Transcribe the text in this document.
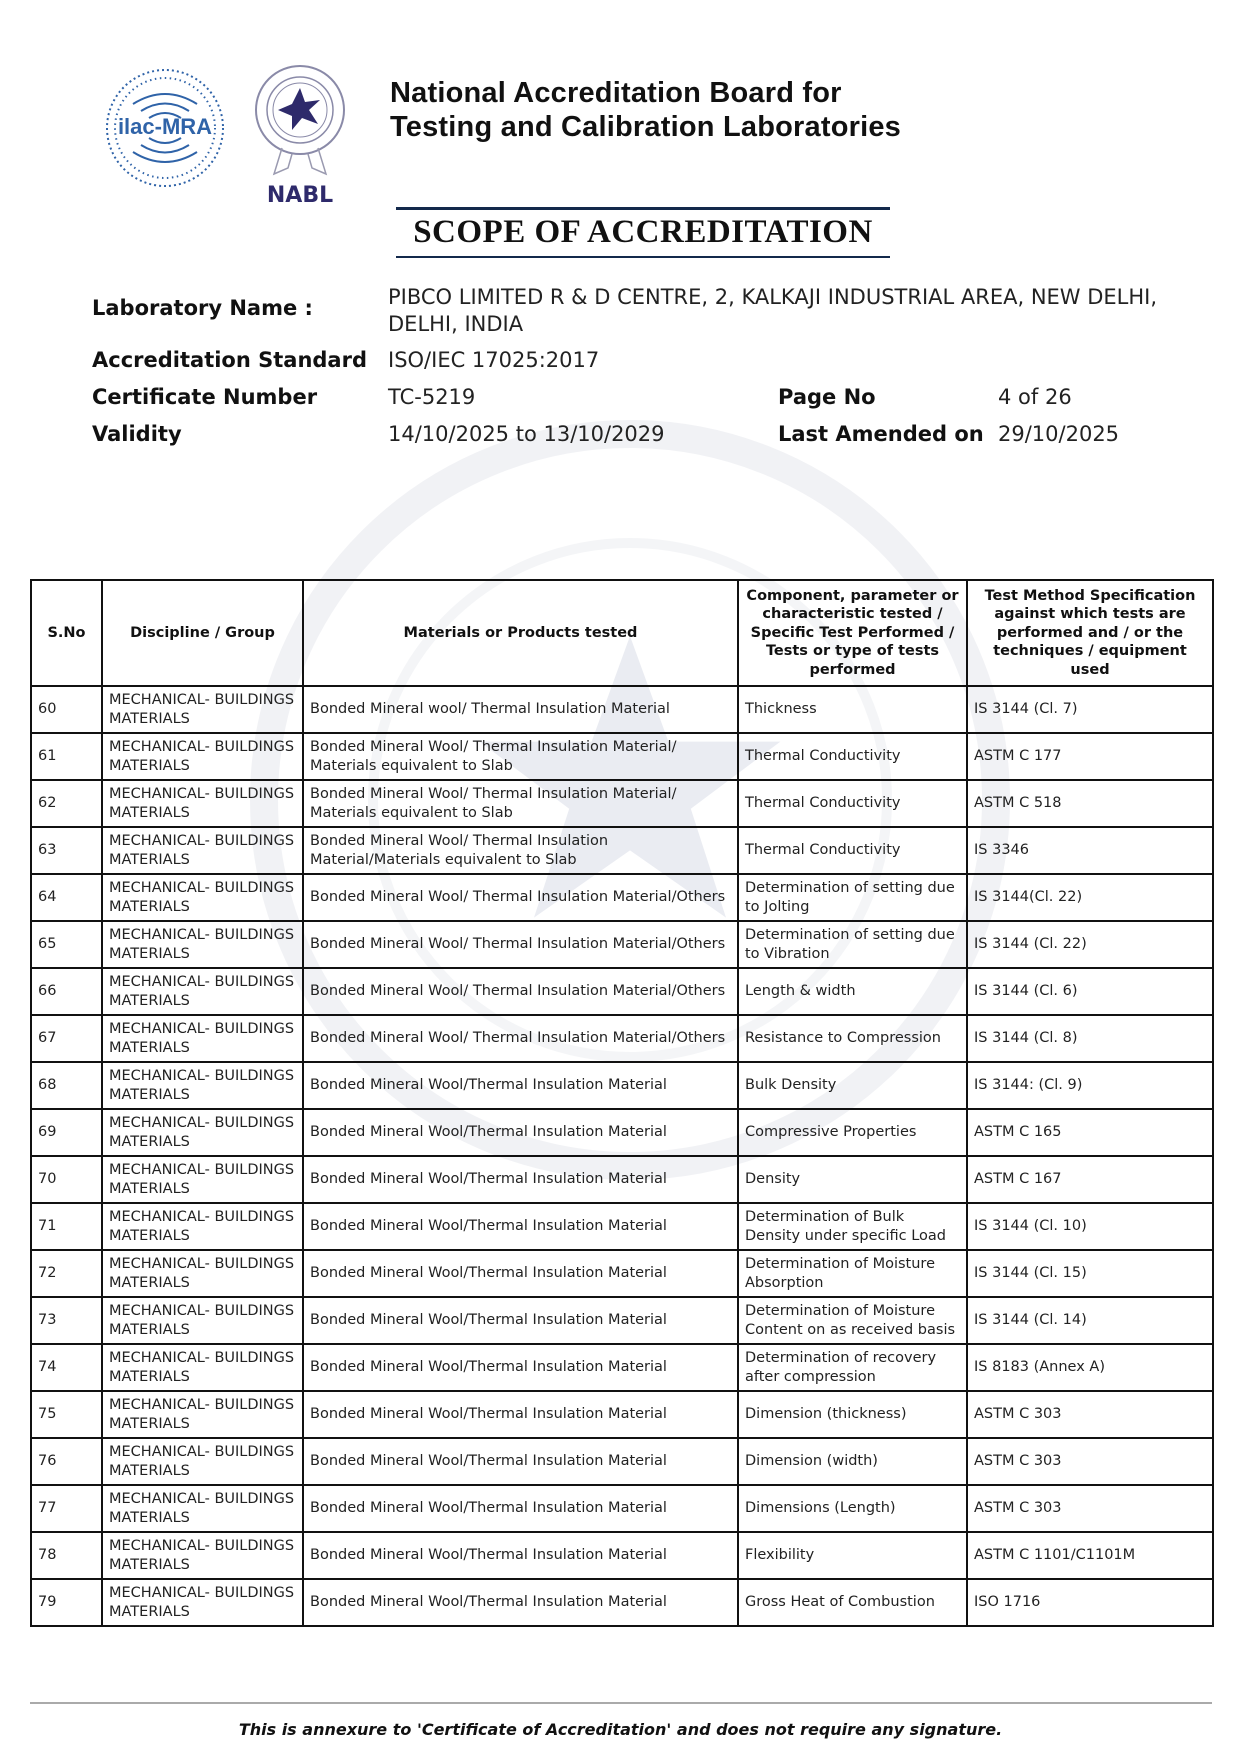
ilac-MRA
NABL
National Accreditation Board for
Testing and Calibration Laboratories
SCOPE OF ACCREDITATION
Laboratory Name :	PIBCO LIMITED R & D CENTRE, 2, KALKAJI INDUSTRIAL AREA, NEW DELHI,
DELHI, INDIA
Accreditation Standard ISO/IEC 17025:2017
Certificate Number	TC-5219	Page No	4 of 26
Validity	14/10/2025 to 13/10/2029	Last Amended on 29/10/2025
S.No	Discipline / Group	Materials or Products tested	Component, parameter or characteristic tested / Specific Test Performed / Tests or type of tests performed	Test Method Specification against which tests are performed and / or the techniques / equipment used
60	MECHANICAL- BUILDINGS MATERIALS	Bonded Mineral wool/ Thermal Insulation Material	Thickness	IS 3144 (Cl. 7)
61	MECHANICAL- BUILDINGS MATERIALS	Bonded Mineral Wool/ Thermal Insulation Material/ Materials equivalent to Slab	Thermal Conductivity	ASTM C 177
62	MECHANICAL- BUILDINGS MATERIALS	Bonded Mineral Wool/ Thermal Insulation Material/ Materials equivalent to Slab	Thermal Conductivity	ASTM C 518
63	MECHANICAL- BUILDINGS MATERIALS	Bonded Mineral Wool/ Thermal Insulation Material/Materials equivalent to Slab	Thermal Conductivity	IS 3346
64	MECHANICAL- BUILDINGS MATERIALS	Bonded Mineral Wool/ Thermal Insulation Material/Others	Determination of setting due to Jolting	IS 3144(Cl. 22)
65	MECHANICAL- BUILDINGS MATERIALS	Bonded Mineral Wool/ Thermal Insulation Material/Others	Determination of setting due to Vibration	IS 3144 (Cl. 22)
66	MECHANICAL- BUILDINGS MATERIALS	Bonded Mineral Wool/ Thermal Insulation Material/Others	Length & width	IS 3144 (Cl. 6)
67	MECHANICAL- BUILDINGS MATERIALS	Bonded Mineral Wool/ Thermal Insulation Material/Others	Resistance to Compression	IS 3144 (Cl. 8)
68	MECHANICAL- BUILDINGS MATERIALS	Bonded Mineral Wool/Thermal Insulation Material	Bulk Density	IS 3144: (Cl. 9)
69	MECHANICAL- BUILDINGS MATERIALS	Bonded Mineral Wool/Thermal Insulation Material	Compressive Properties	ASTM C 165
70	MECHANICAL- BUILDINGS MATERIALS	Bonded Mineral Wool/Thermal Insulation Material	Density	ASTM C 167
71	MECHANICAL- BUILDINGS MATERIALS	Bonded Mineral Wool/Thermal Insulation Material	Determination of Bulk Density under specific Load	IS 3144 (Cl. 10)
72	MECHANICAL- BUILDINGS MATERIALS	Bonded Mineral Wool/Thermal Insulation Material	Determination of Moisture Absorption	IS 3144 (Cl. 15)
73	MECHANICAL- BUILDINGS MATERIALS	Bonded Mineral Wool/Thermal Insulation Material	Determination of Moisture Content on as received basis	IS 3144 (Cl. 14)
74	MECHANICAL- BUILDINGS MATERIALS	Bonded Mineral Wool/Thermal Insulation Material	Determination of recovery after compression	IS 8183 (Annex A)
75	MECHANICAL- BUILDINGS MATERIALS	Bonded Mineral Wool/Thermal Insulation Material	Dimension (thickness)	ASTM C 303
76	MECHANICAL- BUILDINGS MATERIALS	Bonded Mineral Wool/Thermal Insulation Material	Dimension (width)	ASTM C 303
77	MECHANICAL- BUILDINGS MATERIALS	Bonded Mineral Wool/Thermal Insulation Material	Dimensions (Length)	ASTM C 303
78	MECHANICAL- BUILDINGS MATERIALS	Bonded Mineral Wool/Thermal Insulation Material	Flexibility	ASTM C 1101/C1101M
79	MECHANICAL- BUILDINGS MATERIALS	Bonded Mineral Wool/Thermal Insulation Material	Gross Heat of Combustion	ISO 1716
This is annexure to 'Certificate of Accreditation' and does not require any signature.
